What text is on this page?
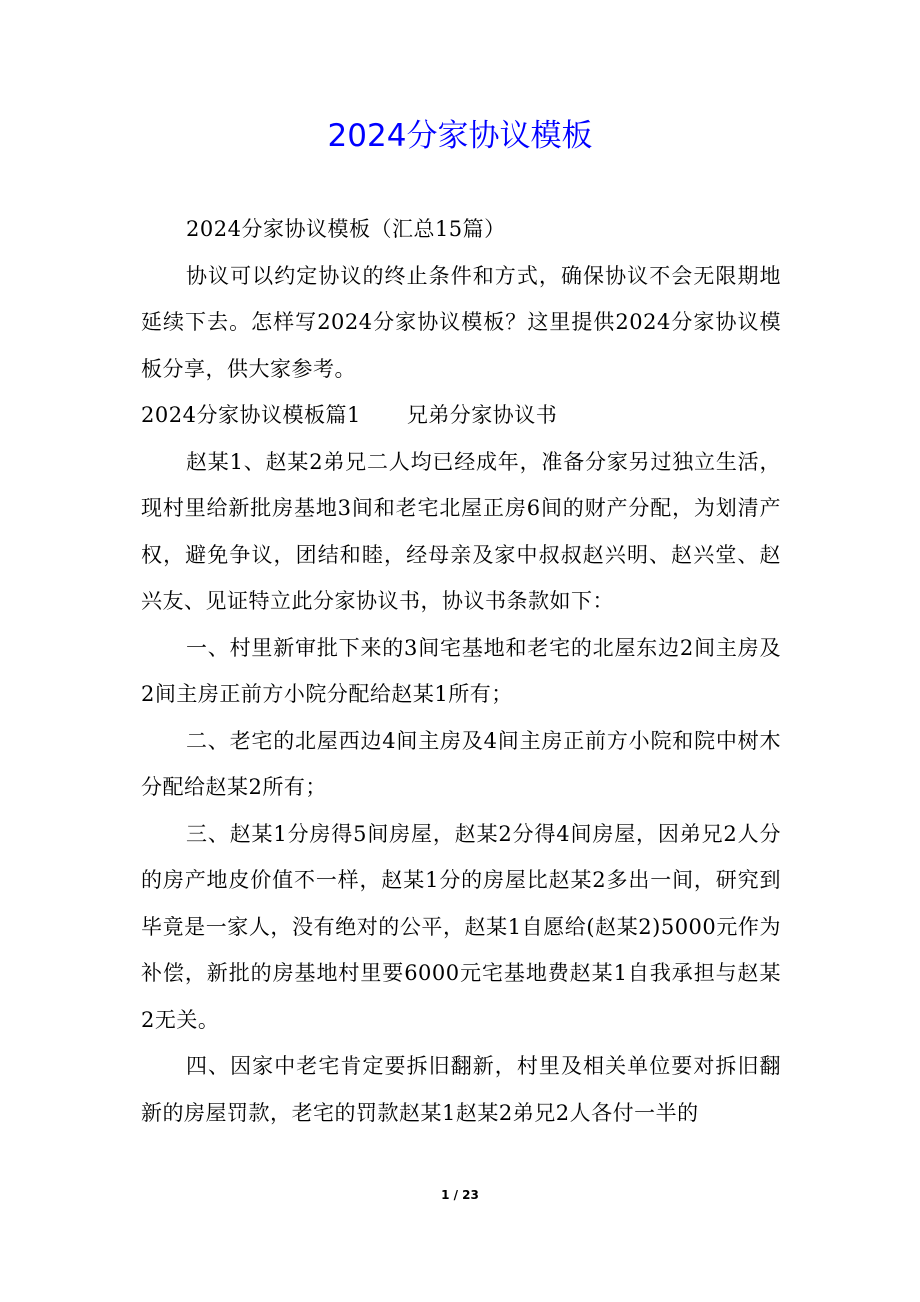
2024分家协议模板

2024分家协议模板（汇总15篇）

协议可以约定协议的终止条件和方式，确保协议不会无限期地延续下去。怎样写2024分家协议模板？这里提供2024分家协议模板分享，供大家参考。

2024分家协议模板篇1 兄弟分家协议书

赵某1、赵某2弟兄二人均已经成年，准备分家另过独立生活，现村里给新批房基地3间和老宅北屋正房6间的财产分配，为划清产权，避免争议，团结和睦，经母亲及家中叔叔赵兴明、赵兴堂、赵兴友、见证特立此分家协议书，协议书条款如下：

一、村里新审批下来的3间宅基地和老宅的北屋东边2间主房及2间主房正前方小院分配给赵某1所有；

二、老宅的北屋西边4间主房及4间主房正前方小院和院中树木分配给赵某2所有；

三、赵某1分房得5间房屋，赵某2分得4间房屋，因弟兄2人分的房产地皮价值不一样，赵某1分的房屋比赵某2多出一间，研究到毕竟是一家人，没有绝对的公平，赵某1自愿给(赵某2)5000元作为补偿，新批的房基地村里要6000元宅基地费赵某1自我承担与赵某2无关。

四、因家中老宅肯定要拆旧翻新，村里及相关单位要对拆旧翻新的房屋罚款，老宅的罚款赵某1赵某2弟兄2人各付一半的

1 / 23
